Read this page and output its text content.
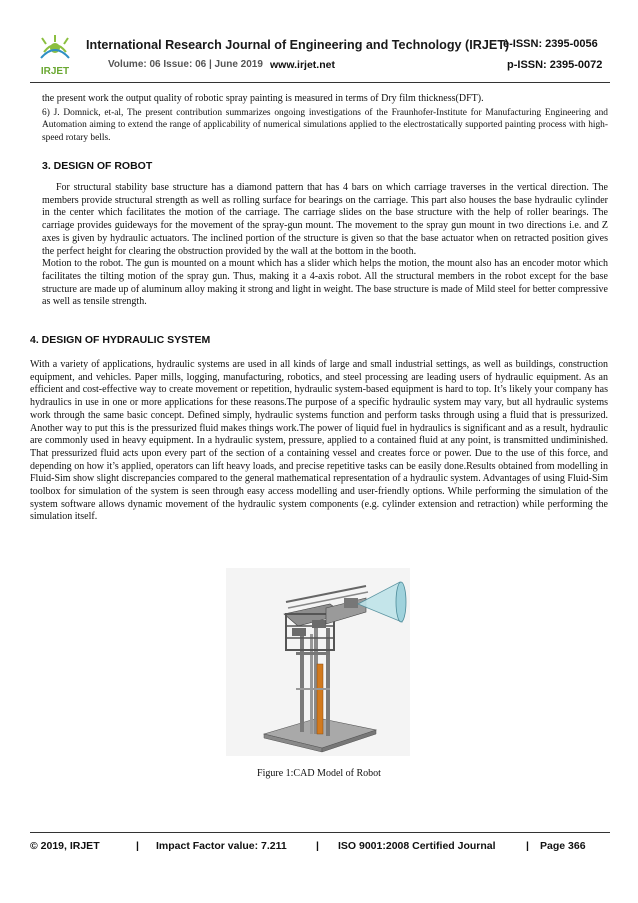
IRJET
International Research Journal of Engineering and Technology (IRJET)
e-ISSN: 2395-0056
Volume: 06 Issue: 06 | June 2019 www.irjet.net	p-ISSN: 2395-0072

the present work the output quality of robotic spray painting is measured in terms of Dry film thickness(DFT).

6) J. Domnick, et-al, The present contribution summarizes ongoing investigations of the Fraunhofer-Institute for Manufacturing Engineering and Automation aiming to extend the range of applicability of numerical simulations applied to the electrostatically supported painting process with high- speed rotary bells.

3. DESIGN OF ROBOT

For structural stability base structure has a diamond pattern that has 4 bars on which carriage traverses in the vertical direction. The members provide structural strength as well as rolling surface for bearings on the carriage. This part also houses the base hydraulic cylinder in the center which facilitates the motion of the carriage. The carriage slides on the base structure with the help of roller bearings. The carriage provides guideways for the movement of the spray-gun mount. The movement to the spray gun mount in two directions i.e. and Z axes is given by hydraulic actuators. The inclined portion of the structure is given so that the base actuator when on retracted position gives the perfect height for clearing the obstruction provided by the wall at the bottom in the booth.

Motion to the robot. The gun is mounted on a mount which has a slider which helps the motion, the mount also has an encoder motor which facilitates the tilting motion of the spray gun. Thus, making it a 4-axis robot. All the structural members in the robot except for the base structure are made up of aluminum alloy making it strong and light in weight. The base structure is made of Mild steel for better compressive as well as tensile strength.

4. DESIGN OF HYDRAULIC SYSTEM

With a variety of applications, hydraulic systems are used in all kinds of large and small industrial settings, as well as buildings, construction equipment, and vehicles. Paper mills, logging, manufacturing, robotics, and steel processing are leading users of hydraulic equipment. As an efficient and cost-effective way to create movement or repetition, hydraulic system-based equipment is hard to top. It’s likely your company has hydraulics in use in one or more applications for these reasons.The purpose of a specific hydraulic system may vary, but all hydraulic systems work through the same basic concept. Defined simply, hydraulic systems function and perform tasks through using a fluid that is pressurized. Another way to put this is the pressurized fluid makes things work.The power of liquid fuel in hydraulics is significant and as a result, hydraulic are commonly used in heavy equipment. In a hydraulic system, pressure, applied to a contained fluid at any point, is transmitted undiminished. That pressurized fluid acts upon every part of the section of a containing vessel and creates force or power. Due to the use of this force, and depending on how it’s applied, operators can lift heavy loads, and precise repetitive tasks can be easily done.Results obtained from modelling in Fluid-Sim show slight discrepancies compared to the general mathematical representation of a hydraulic system. Advantages of using Fluid-Sim toolbox for simulation of the system is seen through easy access modelling and user-friendly options. While performing the simulation of the system software allows dynamic movement of the hydraulic system components (e.g. cylinder extension and retraction) while performing the simulation itself.

Figure 1:CAD Model of Robot
© 2019, IRJET	| Impact Factor value: 7.211	| ISO 9001:2008 Certified Journal	| Page 366
